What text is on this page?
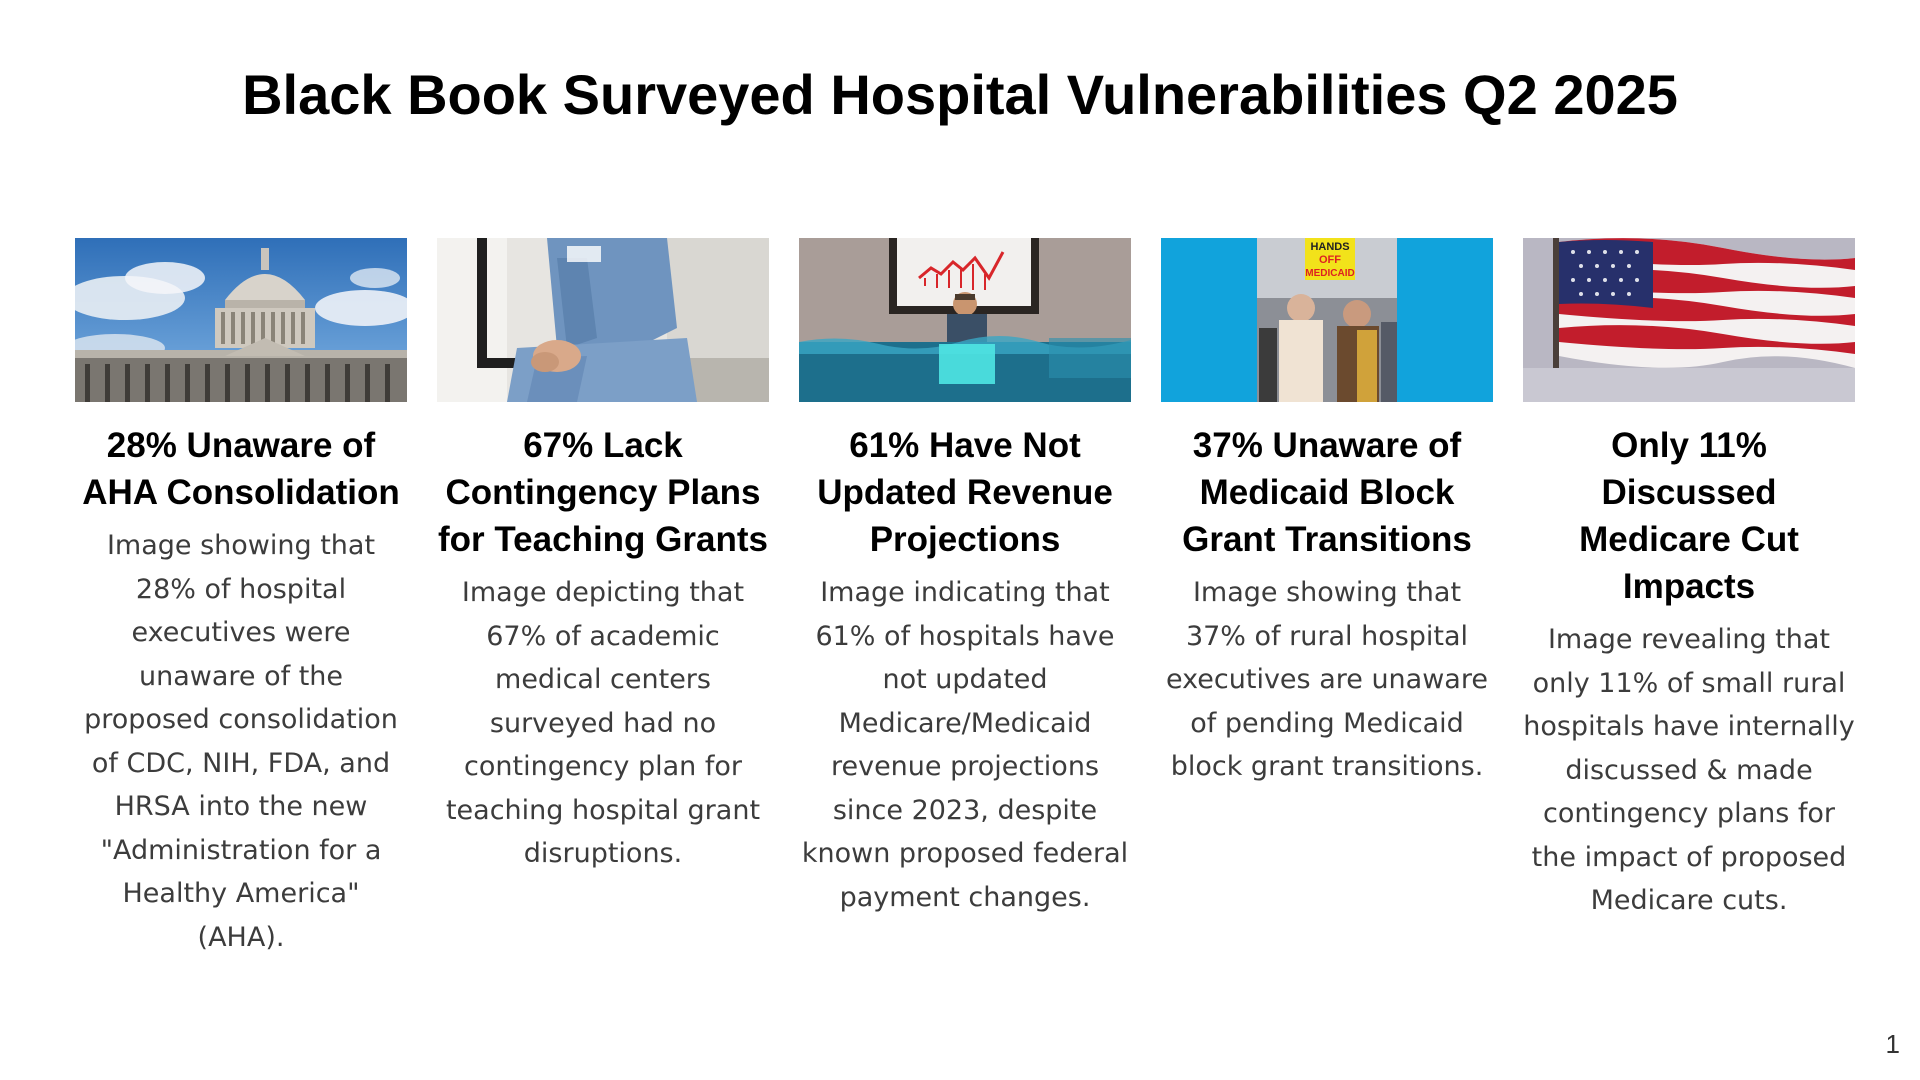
Black Book Surveyed Hospital Vulnerabilities Q2 2025
28% Unaware of AHA Consolidation

Image showing that 28% of hospital executives were unaware of the proposed consolidation of CDC, NIH, FDA, and HRSA into the new "Administration for a Healthy America" (AHA).

67% Lack Contingency Plans for Teaching Grants

Image depicting that 67% of academic medical centers surveyed had no contingency plan for teaching hospital grant disruptions.

61% Have Not Updated Revenue Projections

Image indicating that 61% of hospitals have not updated Medicare/Medicaid revenue projections since 2023, despite known proposed federal payment changes.

HANDS
OFF
MEDICAID
37% Unaware of Medicaid Block Grant Transitions

Image showing that 37% of rural hospital executives are unaware of pending Medicaid block grant transitions.

Only 11% Discussed Medicare Cut Impacts

Image revealing that only 11% of small rural hospitals have internally discussed & made contingency plans for the impact of proposed Medicare cuts.

1
